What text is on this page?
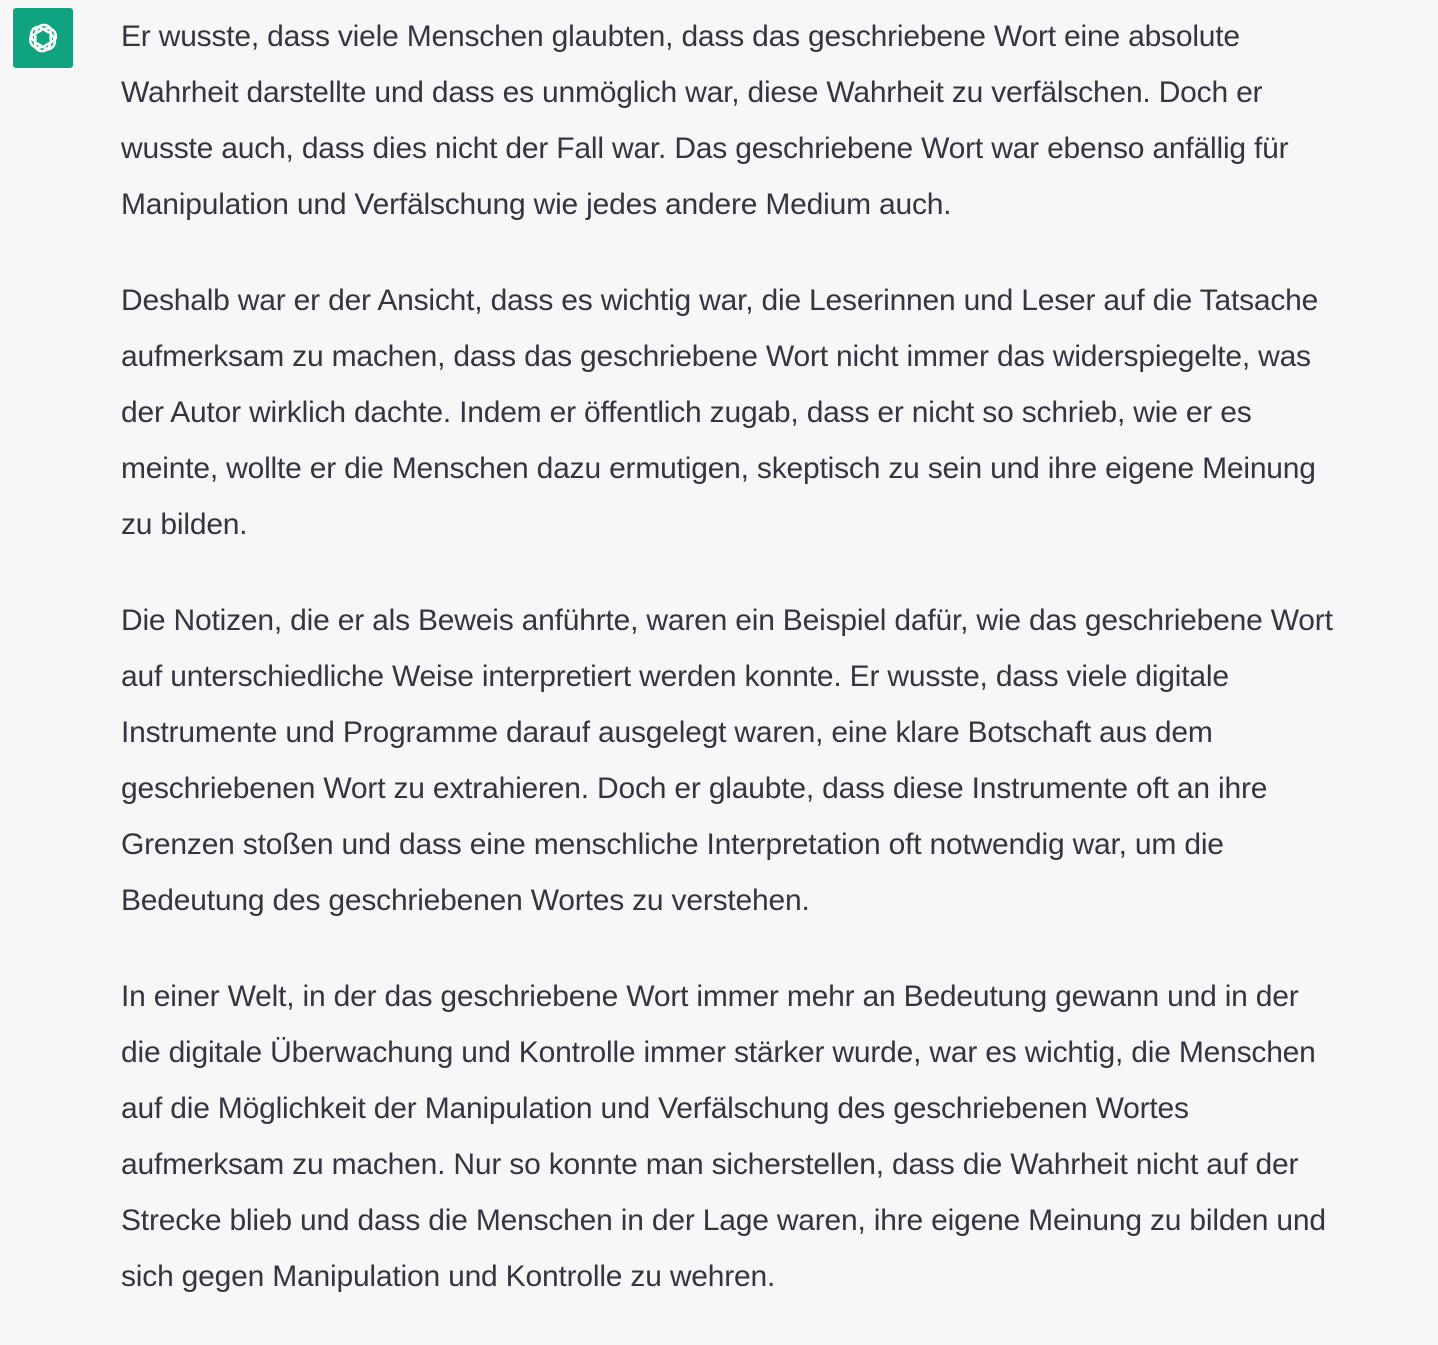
Er wusste, dass viele Menschen glaubten, dass das geschriebene Wort eine absolute
Wahrheit darstellte und dass es unmöglich war, diese Wahrheit zu verfälschen. Doch er
wusste auch, dass dies nicht der Fall war. Das geschriebene Wort war ebenso anfällig für
Manipulation und Verfälschung wie jedes andere Medium auch.

Deshalb war er der Ansicht, dass es wichtig war, die Leserinnen und Leser auf die Tatsache
aufmerksam zu machen, dass das geschriebene Wort nicht immer das widerspiegelte, was
der Autor wirklich dachte. Indem er öffentlich zugab, dass er nicht so schrieb, wie er es
meinte, wollte er die Menschen dazu ermutigen, skeptisch zu sein und ihre eigene Meinung
zu bilden.

Die Notizen, die er als Beweis anführte, waren ein Beispiel dafür, wie das geschriebene Wort
auf unterschiedliche Weise interpretiert werden konnte. Er wusste, dass viele digitale
Instrumente und Programme darauf ausgelegt waren, eine klare Botschaft aus dem
geschriebenen Wort zu extrahieren. Doch er glaubte, dass diese Instrumente oft an ihre
Grenzen stoßen und dass eine menschliche Interpretation oft notwendig war, um die
Bedeutung des geschriebenen Wortes zu verstehen.

In einer Welt, in der das geschriebene Wort immer mehr an Bedeutung gewann und in der
die digitale Überwachung und Kontrolle immer stärker wurde, war es wichtig, die Menschen
auf die Möglichkeit der Manipulation und Verfälschung des geschriebenen Wortes
aufmerksam zu machen. Nur so konnte man sicherstellen, dass die Wahrheit nicht auf der
Strecke blieb und dass die Menschen in der Lage waren, ihre eigene Meinung zu bilden und
sich gegen Manipulation und Kontrolle zu wehren.
